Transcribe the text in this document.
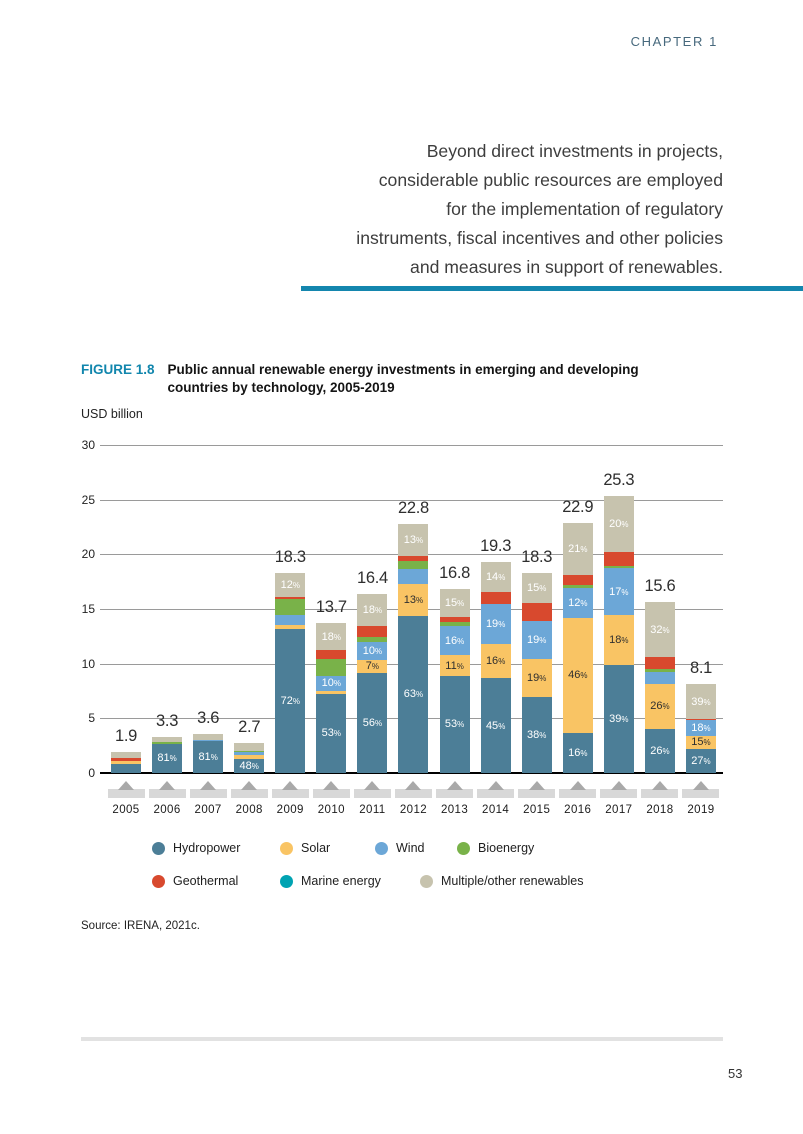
CHAPTER 1
Beyond direct investments in projects,
considerable public resources are employed
for the implementation of regulatory
instruments, fiscal incentives and other policies
and measures in support of renewables.
FIGURE 1.8 Public annual renewable energy investments in emerging and developing
countries by technology, 2005-2019
USD billion
0
5
10
15
20
25
30
1.9
2005
81%
3.3
2006
81%
3.6
2007
48%
2.7
2008
72%
12%
18.3
2009
53%
10%
18%
13.7
2010
56%
7%
10%
18%
16.4
2011
63%
13%
13%
22.8
2012
53%
11%
16%
15%
16.8
2013
45%
16%
19%
14%
19.3
2014
38%
19%
19%
15%
18.3
2015
16%
46%
12%
21%
22.9
2016
39%
18%
17%
20%
25.3
2017
26%
26%
32%
15.6
2018
27%
15%
18%
39%
8.1
2019
Hydropower	Solar	Wind	Bioenergy
Geothermal	Marine energy	Multiple/other renewables
Source: IRENA, 2021c.
53
